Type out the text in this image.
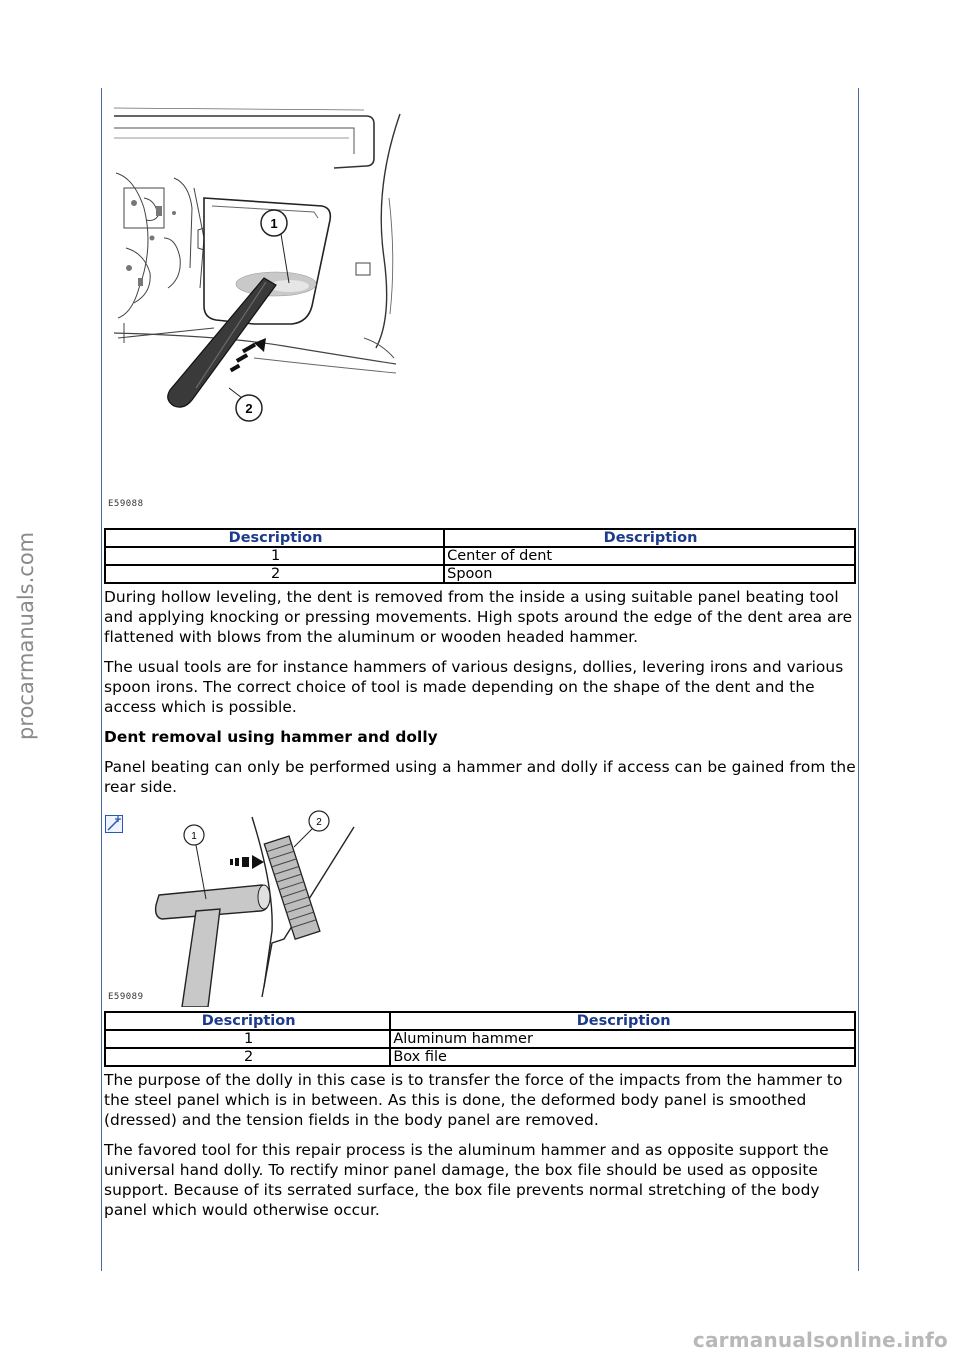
procarmanuals.com
carmanualsonline.info
1
2
E59088
Description	Description
1	Center of dent
2	Spoon

During hollow leveling, the dent is removed from the inside a using suitable panel beating tool and applying knocking or pressing movements. High spots around the edge of the dent area are flattened with blows from the aluminum or wooden headed hammer.

The usual tools are for instance hammers of various designs, dollies, levering irons and various spoon irons. The correct choice of tool is made depending on the shape of the dent and the access which is possible.

Dent removal using hammer and dolly

Panel beating can only be performed using a hammer and dolly if access can be gained from the rear side.

1
2
E59089
Description	Description
1	Aluminum hammer
2	Box file

The purpose of the dolly in this case is to transfer the force of the impacts from the hammer to the steel panel which is in between. As this is done, the deformed body panel is smoothed (dressed) and the tension fields in the body panel are removed.

The favored tool for this repair process is the aluminum hammer and as opposite support the universal hand dolly. To rectify minor panel damage, the box file should be used as opposite support. Because of its serrated surface, the box file prevents normal stretching of the body panel which would otherwise occur.
